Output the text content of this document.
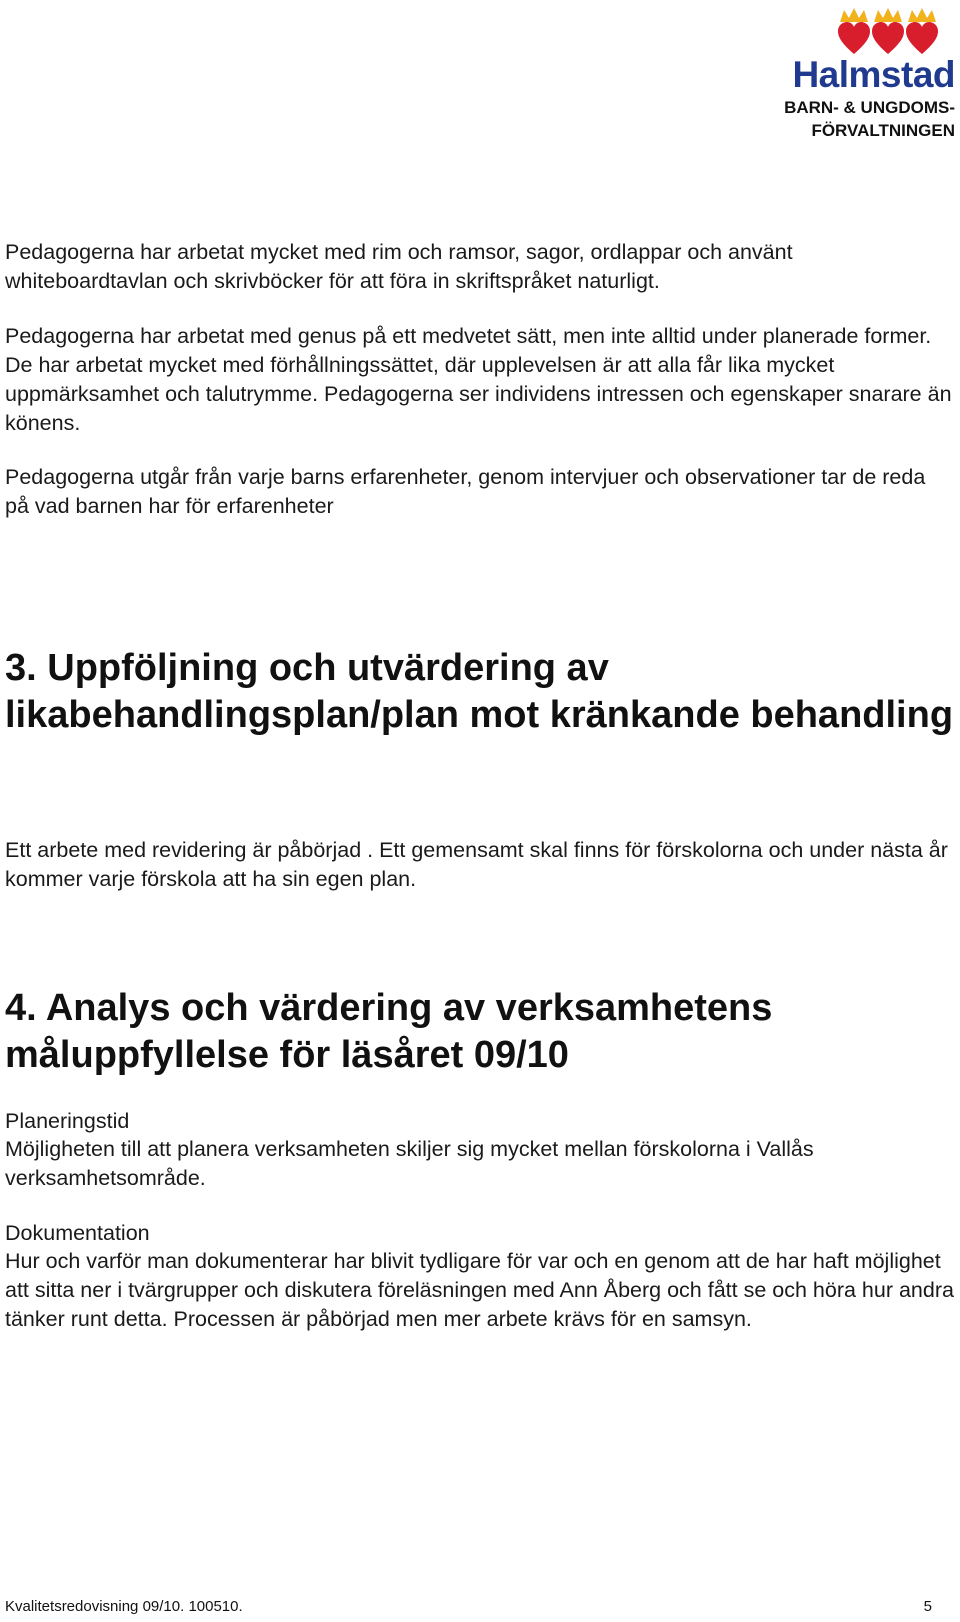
Halmstad
BARN- & UNGDOMS-
FÖRVALTNINGEN

Pedagogerna har arbetat mycket med rim och ramsor, sagor, ordlappar och använt whiteboardtavlan och skrivböcker för att föra in skriftspråket naturligt.

Pedagogerna har arbetat med genus på ett medvetet sätt, men inte alltid under planerade former. De har arbetat mycket med förhållningssättet, där upplevelsen är att alla får lika mycket uppmärksamhet och talutrymme. Pedagogerna ser individens intressen och egenskaper snarare än könens.

Pedagogerna utgår från varje barns erfarenheter, genom intervjuer och observationer tar de reda på vad barnen har för erfarenheter

3. Uppföljning och utvärdering av likabehandlingsplan/plan mot kränkande behandling

Ett arbete med revidering är påbörjad . Ett gemensamt skal finns för förskolorna och under nästa år kommer varje förskola att ha sin egen plan.

4. Analys och värdering av verksamhetens måluppfyllelse för läsåret 09/10

Planeringstid

Möjligheten till att planera verksamheten skiljer sig mycket mellan förskolorna i Vallås verksamhetsområde.

Dokumentation

Hur och varför man dokumenterar har blivit tydligare för var och en genom att de har haft möjlighet att sitta ner i tvärgrupper och diskutera föreläsningen med Ann Åberg och fått se och höra hur andra tänker runt detta. Processen är påbörjad men mer arbete krävs för en samsyn.

Kvalitetsredovisning 09/10. 100510.	5
